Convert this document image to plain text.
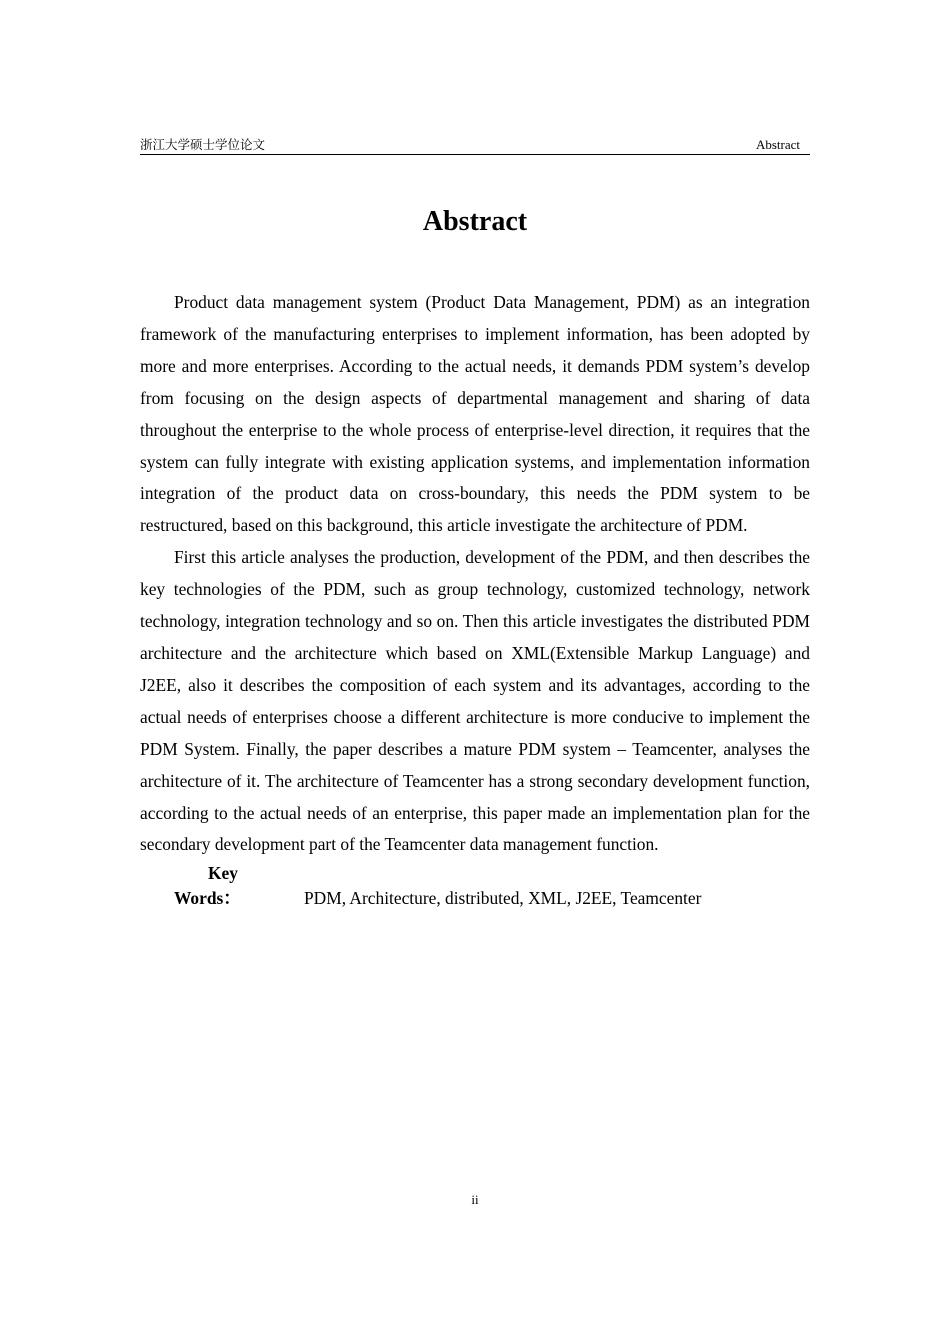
浙江大学硕士学位论文	Abstract
Abstract

Product data management system (Product Data Management, PDM) as an integration framework of the manufacturing enterprises to implement information, has been adopted by more and more enterprises. According to the actual needs, it demands PDM system’s develop from focusing on the design aspects of departmental management and sharing of data throughout the enterprise to the whole process of enterprise-level direction, it requires that the system can fully integrate with existing application systems, and implementation information integration of the product data on cross-boundary, this needs the PDM system to be restructured, based on this background, this article investigate the architecture of PDM.

First this article analyses the production, development of the PDM, and then describes the key technologies of the PDM, such as group technology, customized technology, network technology, integration technology and so on. Then this article investigates the distributed PDM architecture and the architecture which based on XML(Extensible Markup Language) and J2EE, also it describes the composition of each system and its advantages, according to the actual needs of enterprises choose a different architecture is more conducive to implement the PDM System. Finally, the paper describes a mature PDM system – Teamcenter, analyses the architecture of it. The architecture of Teamcenter has a strong secondary development function, according to the actual needs of an enterprise, this paper made an implementation plan for the secondary development part of the Teamcenter data management function.

Key Words：	PDM, Architecture, distributed, XML, J2EE, Teamcenter

ii
